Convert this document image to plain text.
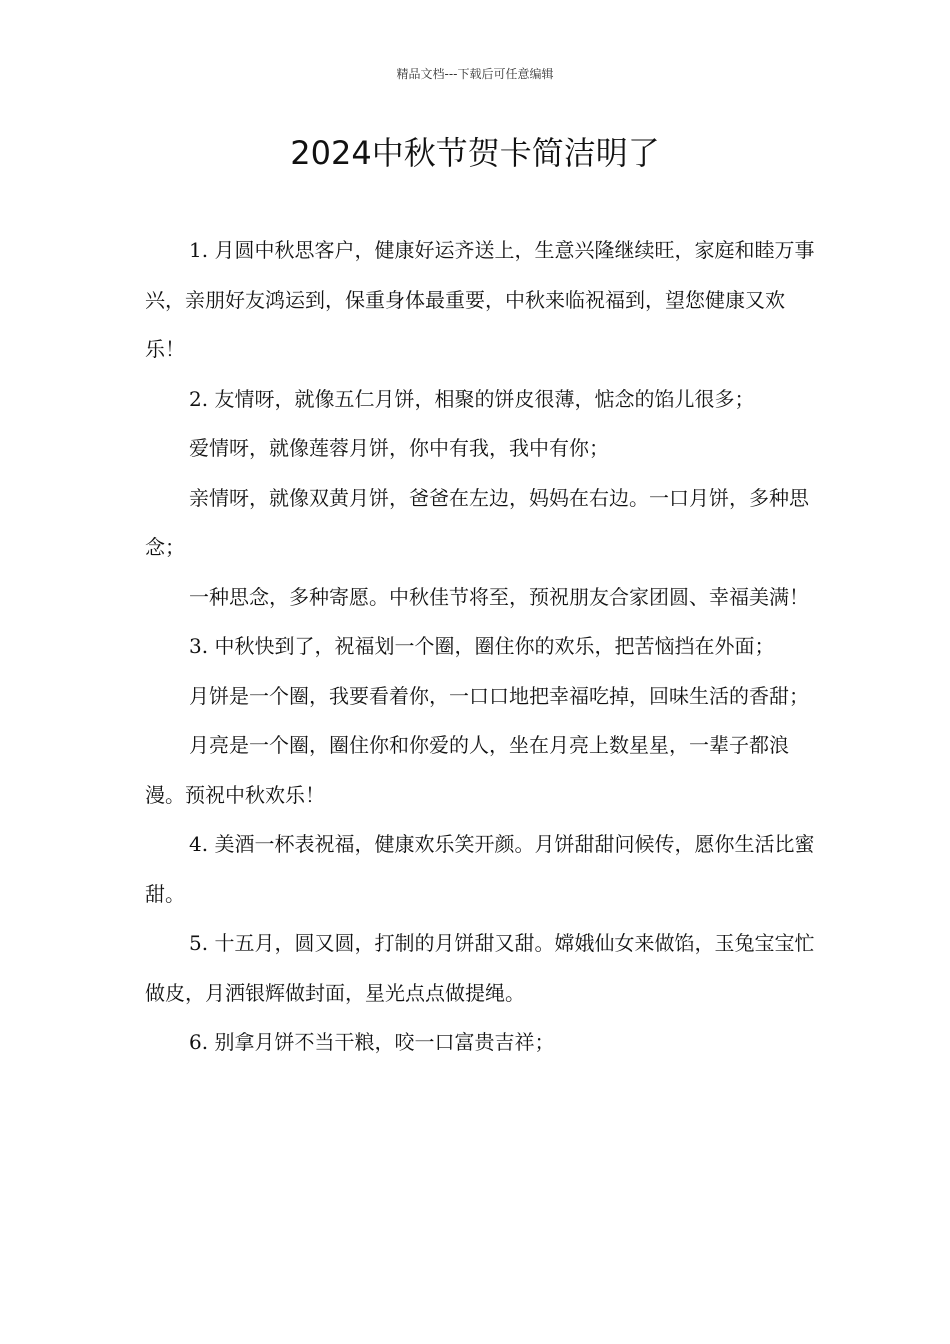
精品文档---下载后可任意编辑
2024中秋节贺卡简洁明了

1. 月圆中秋思客户，健康好运齐送上，生意兴隆继续旺，家庭和睦万事兴，亲朋好友鸿运到，保重身体最重要，中秋来临祝福到，望您健康又欢乐！

2. 友情呀，就像五仁月饼，相聚的饼皮很薄，惦念的馅儿很多；

爱情呀，就像莲蓉月饼，你中有我，我中有你；

亲情呀，就像双黄月饼，爸爸在左边，妈妈在右边。一口月饼，多种思念；

一种思念，多种寄愿。中秋佳节将至，预祝朋友合家团圆、幸福美满！

3. 中秋快到了，祝福划一个圈，圈住你的欢乐，把苦恼挡在外面；

月饼是一个圈，我要看着你，一口口地把幸福吃掉，回味生活的香甜；

月亮是一个圈，圈住你和你爱的人，坐在月亮上数星星，一辈子都浪漫。预祝中秋欢乐！

4. 美酒一杯表祝福，健康欢乐笑开颜。月饼甜甜问候传，愿你生活比蜜甜。

5. 十五月，圆又圆，打制的月饼甜又甜。嫦娥仙女来做馅，玉兔宝宝忙做皮，月洒银辉做封面，星光点点做提绳。

6. 别拿月饼不当干粮，咬一口富贵吉祥；
